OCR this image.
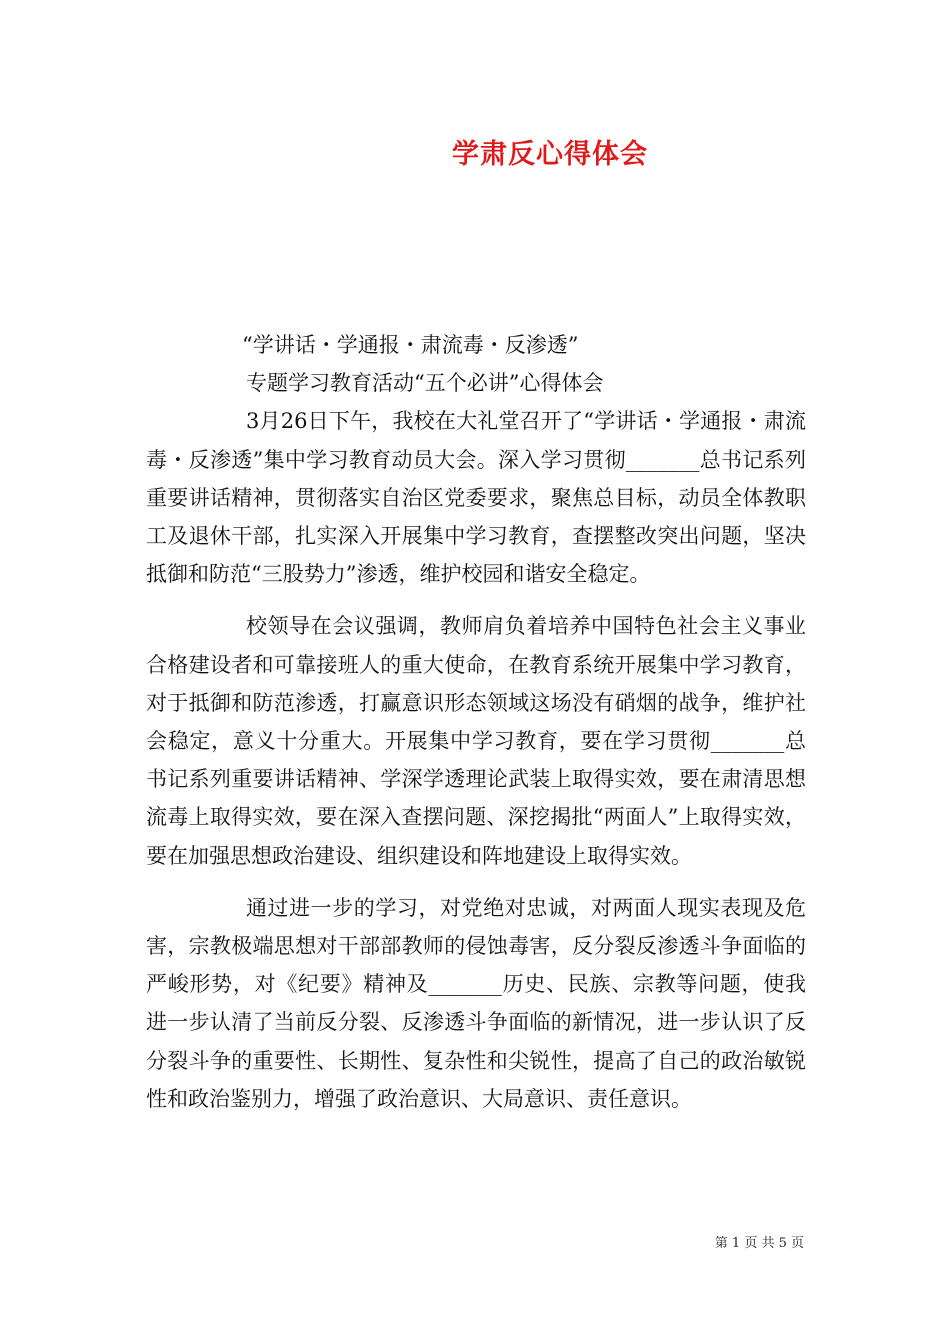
学肃反心得体会

“学讲话・学通报・肃流毒・反渗透”

专题学习教育活动“五个必讲”心得体会

3月26日下午，我校在大礼堂召开了“学讲话・学通报・肃流毒・反渗透”集中学习教育动员大会。深入学习贯彻_______总书记系列重要讲话精神，贯彻落实自治区党委要求，聚焦总目标，动员全体教职工及退休干部，扎实深入开展集中学习教育，查摆整改突出问题，坚决抵御和防范“三股势力”渗透，维护校园和谐安全稳定。

校领导在会议强调，教师肩负着培养中国特色社会主义事业合格建设者和可靠接班人的重大使命，在教育系统开展集中学习教育，对于抵御和防范渗透，打赢意识形态领域这场没有硝烟的战争，维护社会稳定，意义十分重大。开展集中学习教育，要在学习贯彻_______总书记系列重要讲话精神、学深学透理论武装上取得实效，要在肃清思想流毒上取得实效，要在深入查摆问题、深挖揭批“两面人”上取得实效，要在加强思想政治建设、组织建设和阵地建设上取得实效。

通过进一步的学习，对党绝对忠诚，对两面人现实表现及危害，宗教极端思想对干部部教师的侵蚀毒害，反分裂反渗透斗争面临的严峻形势，对《纪要》精神及_______历史、民族、宗教等问题，使我进一步认清了当前反分裂、反渗透斗争面临的新情况，进一步认识了反分裂斗争的重要性、长期性、复杂性和尖锐性，提高了自己的政治敏锐性和政治鉴别力，增强了政治意识、大局意识、责任意识。

第 1 页 共 5 页
